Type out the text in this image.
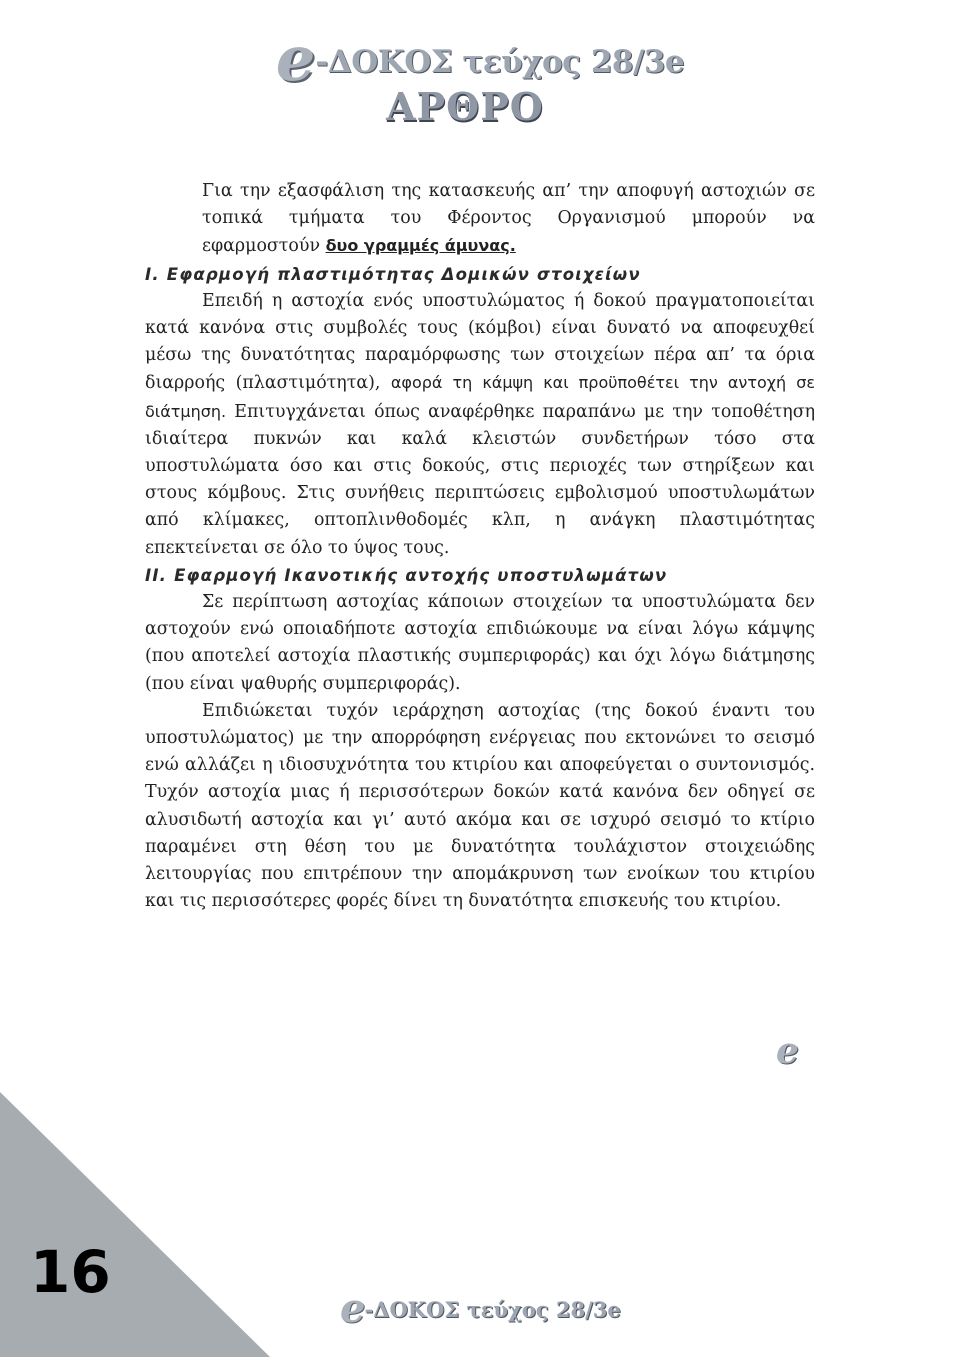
e-ΔΟΚΟΣ τεύχος 28/3e
ΑΡΘΡΟ

Για την εξασφάλιση της κατασκευής απ’ την αποφυγή αστοχιών σε τοπικά τμήματα του Φέροντος Οργανισμού μπορούν να εφαρμοστούν δυο γραμμές άμυνας.

Ι. Εφαρμογή πλαστιμότητας Δομικών στοιχείων

Επειδή η αστοχία ενός υποστυλώματος ή δοκού πραγματοποιείται κατά κανόνα στις συμβολές τους (κόμβοι) είναι δυνατό να αποφευχθεί μέσω της δυνατότητας παραμόρφωσης των στοιχείων πέρα απ’ τα όρια διαρροής (πλαστιμότητα), αφορά τη κάμψη και προϋποθέτει την αντοχή σε διάτμηση. Επιτυγχάνεται όπως αναφέρθηκε παραπάνω με την τοποθέτηση ιδιαίτερα πυκνών και καλά κλειστών συνδετήρων τόσο στα υποστυλώματα όσο και στις δοκούς, στις περιοχές των στηρίξεων και στους κόμβους. Στις συνήθεις περιπτώσεις εμβολισμού υποστυλωμάτων από κλίμακες, οπτοπλινθοδομές κλπ, η ανάγκη πλαστιμότητας επεκτείνεται σε όλο το ύψος τους.

ΙΙ. Εφαρμογή Ικανοτικής αντοχής υποστυλωμάτων

Σε περίπτωση αστοχίας κάποιων στοιχείων τα υποστυλώματα δεν αστοχούν ενώ οποιαδήποτε αστοχία επιδιώκουμε να είναι λόγω κάμψης (που αποτελεί αστοχία πλαστικής συμπεριφοράς) και όχι λόγω διάτμησης (που είναι ψαθυρής συμπεριφοράς).

Επιδιώκεται τυχόν ιεράρχηση αστοχίας (της δοκού έναντι του υποστυλώματος) με την απορρόφηση ενέργειας που εκτονώνει το σεισμό ενώ αλλάζει η ιδιοσυχνότητα του κτιρίου και αποφεύγεται ο συντονισμός. Τυχόν αστοχία μιας ή περισσότερων δοκών κατά κανόνα δεν οδηγεί σε αλυσιδωτή αστοχία και γι’ αυτό ακόμα και σε ισχυρό σεισμό το κτίριο παραμένει στη θέση του με δυνατότητα τουλάχιστον στοιχειώδης λειτουργίας που επιτρέπουν την απομάκρυνση των ενοίκων του κτιρίου και τις περισσότερες φορές δίνει τη δυνατότητα επισκευής του κτιρίου.

e
16
e-ΔΟΚΟΣ τεύχος 28/3e
